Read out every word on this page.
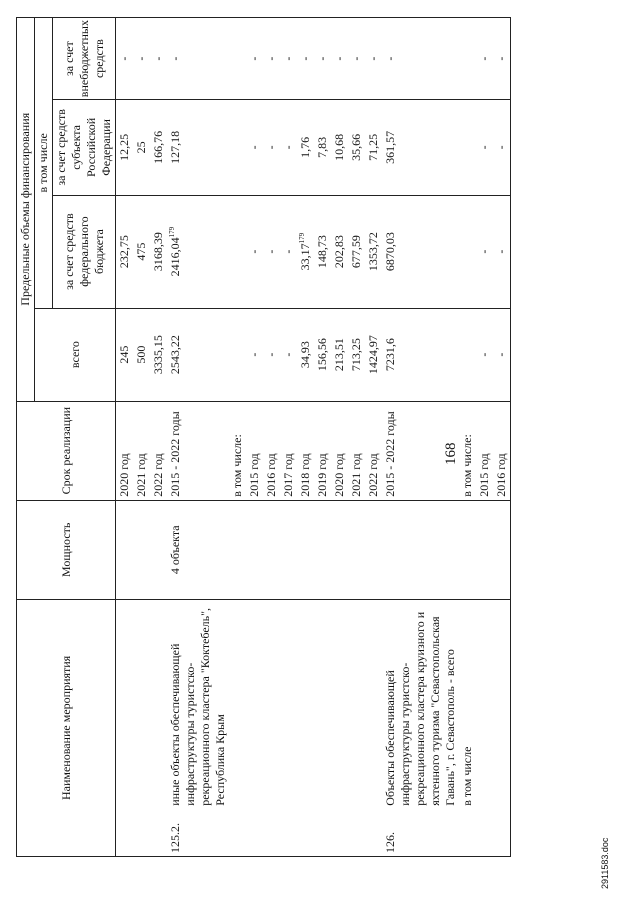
168
Наименование мероприятия		Мощность	Срок реализации	Предельные объемы финансирования			
				всего	в том числе		
					за счет средств федерального бюджета	за счет средств субъекта Российской Федерации	за счет внебюджетных средств
			2020 год	245	232,75	12,25	-
			2021 год	500	475	25	-
			2022 год	3335,15	3168,39	166,76	-
125.2.	иные объекты обеспечивающей инфраструктуры туристско-рекреационного кластера "Коктебель", Республика Крым	4 объекта	2015 - 2022 годы	2543,22	2416,04$^{179}$	127,18	-
			в том числе:				
			2015 год	-	-	-	-
			2016 год	-	-	-	-
			2017 год	-	-	-	-
			2018 год	34,93	33,17$^{179}$	1,76	-
			2019 год	156,56	148,73	7,83	-
			2020 год	213,51	202,83	10,68	-
			2021 год	713,25	677,59	35,66	-
			2022 год	1424,97	1353,72	71,25	-
126.	Объекты обеспечивающей инфраструктуры туристско-рекреационного кластера круизного и яхтенного туризма "Севастопольская Гавань", г. Севастополь - всего		2015 - 2022 годы	7231,6	6870,03	361,57	-
	в том числе		в том числе:				
			2015 год	-	-	-	-
			2016 год	-	-	-	-
2911583.doc
